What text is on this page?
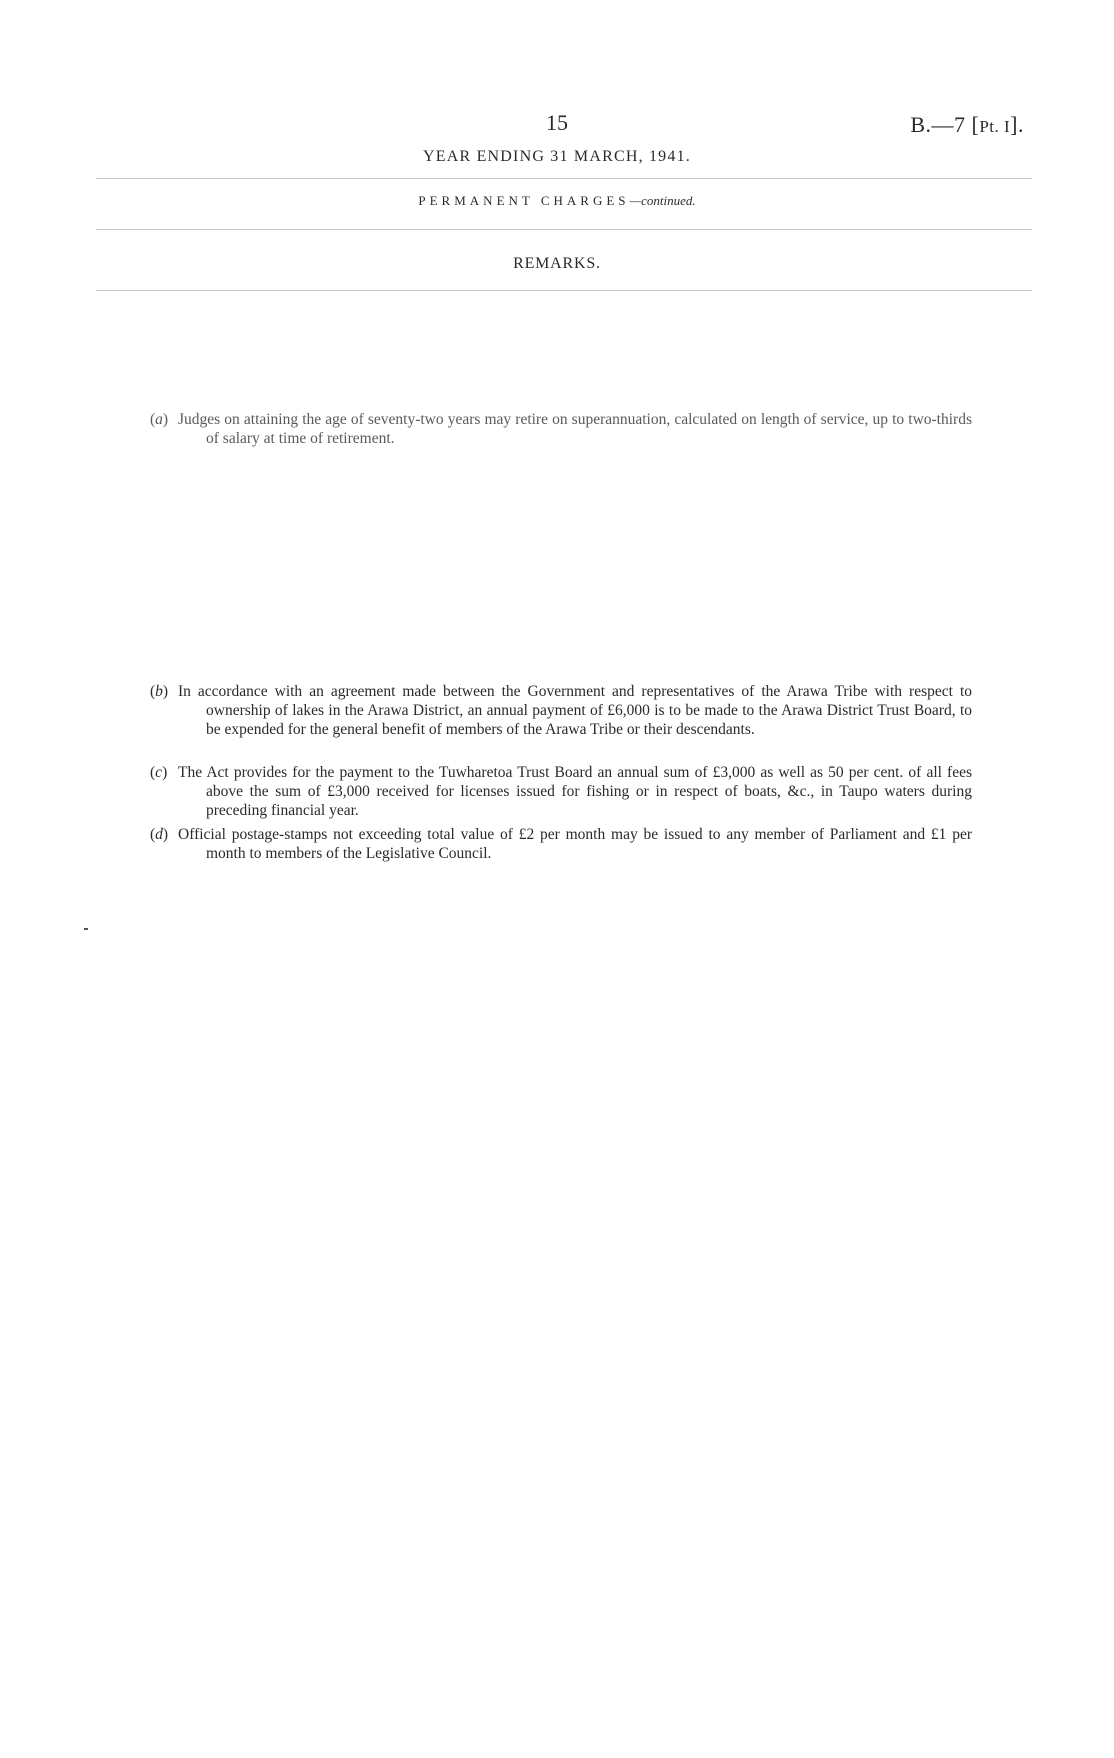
15	B.—7 [Pt. I].
YEAR ENDING 31 MARCH, 1941.
PERMANENT CHARGES—continued.
REMARKS.
(a) Judges on attaining the age of seventy-two years may retire on superannuation, calculated on length of service, up to two-thirds of salary at time of retirement.
(b) In accordance with an agreement made between the Government and representatives of the Arawa Tribe with respect to ownership of lakes in the Arawa District, an annual payment of £6,000 is to be made to the Arawa District Trust Board, to be expended for the general benefit of members of the Arawa Tribe or their descendants.
(c) The Act provides for the payment to the Tuwharetoa Trust Board an annual sum of £3,000 as well as 50 per cent. of all fees above the sum of £3,000 received for licenses issued for fishing or in respect of boats, &c., in Taupo waters during preceding financial year.
(d) Official postage-stamps not exceeding total value of £2 per month may be issued to any member of Parliament and £1 per month to members of the Legislative Council.
